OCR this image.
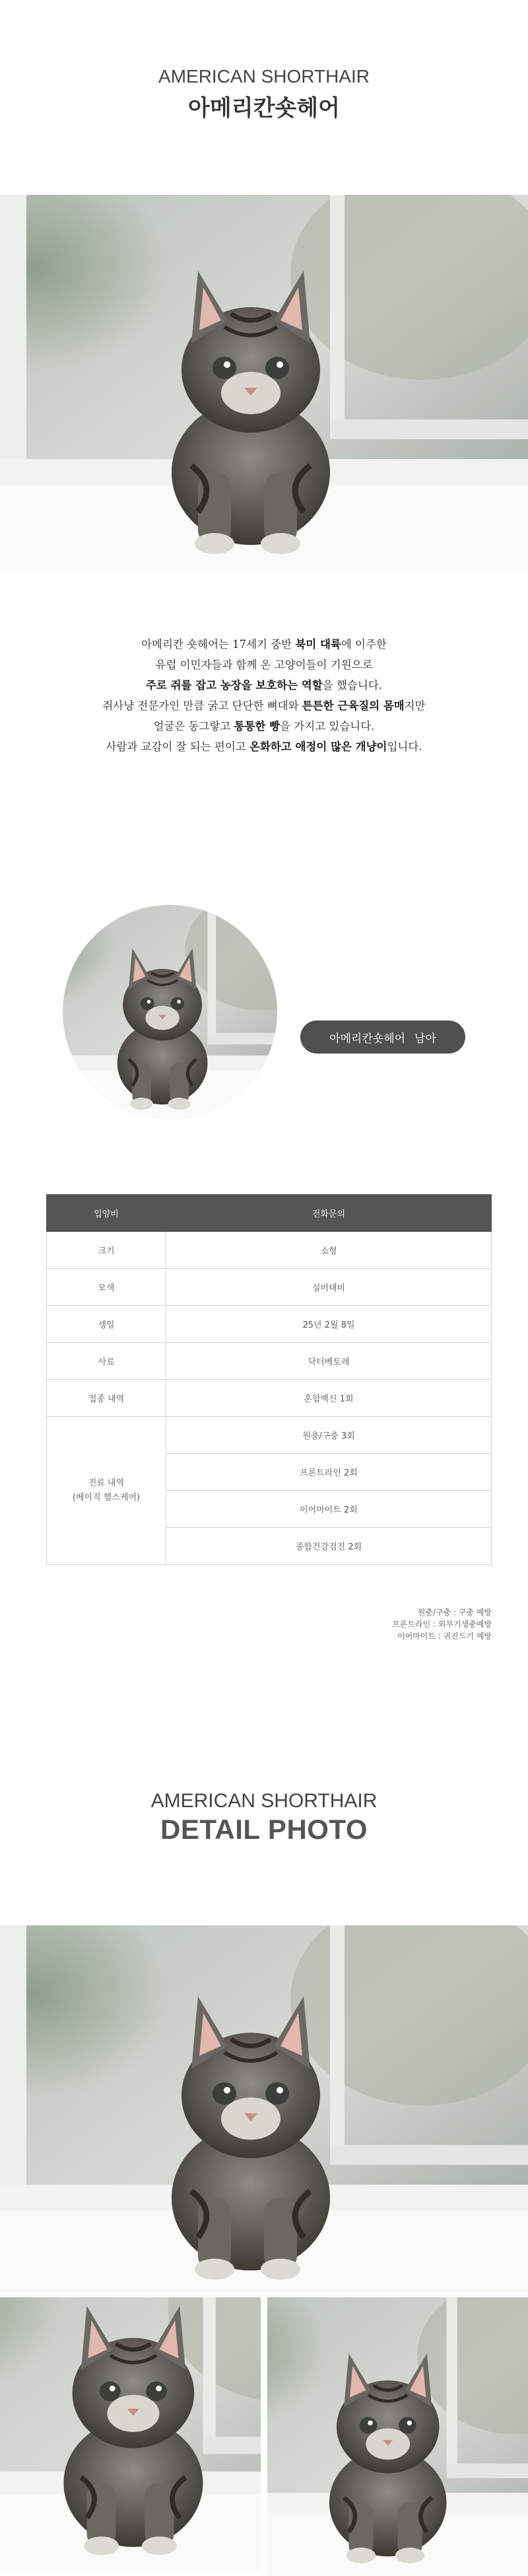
AMERICAN SHORTHAIR
아메리칸숏헤어
아메리칸 숏헤어는 17세기 중반 북미 대륙에 이주한
유럽 이민자들과 함께 온 고양이들이 기원으로
주로 쥐를 잡고 농장을 보호하는 역할을 했습니다.
쥐사냥 전문가인 만큼 굵고 단단한 뼈대와 튼튼한 근육질의 몸매지만
얼굴은 동그랗고 통통한 빵을 가지고 있습니다.
사람과 교감이 잘 되는 편이고 온화하고 애정이 많은 개냥이입니다.
아메리칸숏헤어 남아
입양비	전화문의
크기	소형
모색	실버태비
생일	25년 2월 8일
사료	닥터베토레
접종 내역	혼합백신 1회

진료 내역
(베이직 헬스케어)	원충/구충 3회
	프론트라인 2회
	이어마이트 2회
	종합건강검진 2회
원충/구충 : 구충 예방
프론트라인 : 외부기생충예방
이어마이트 : 귀진드기 예방
AMERICAN SHORTHAIR
DETAIL PHOTO
